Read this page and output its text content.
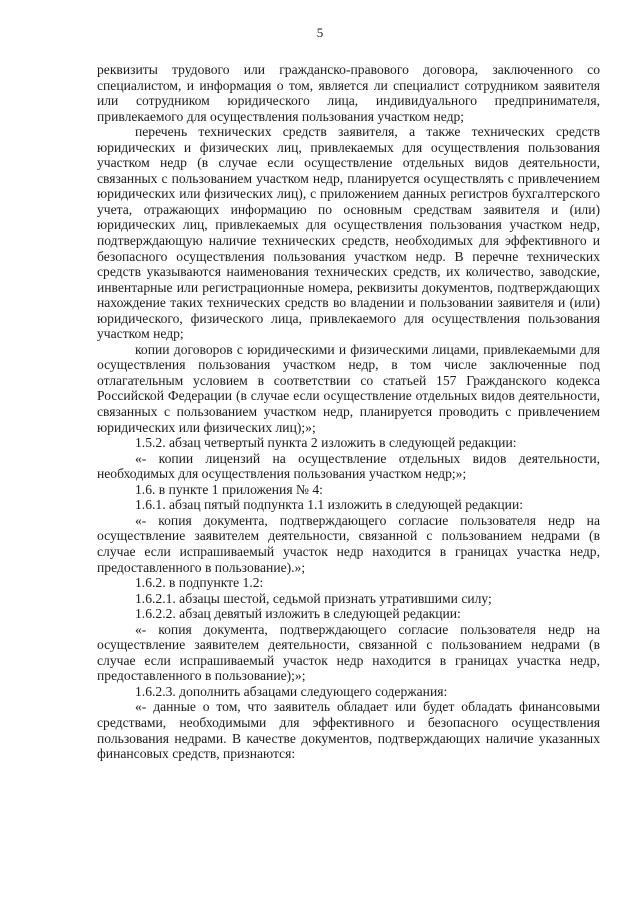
5

реквизиты трудового или гражданско-правового договора, заключенного со специалистом, и информация о том, является ли специалист сотрудником заявителя или сотрудником юридического лица, индивидуального предпринимателя, привлекаемого для осуществления пользования участком недр;

перечень технических средств заявителя, а также технических средств юридических и физических лиц, привлекаемых для осуществления пользования участком недр (в случае если осуществление отдельных видов деятельности, связанных с пользованием участком недр, планируется осуществлять с привлечением юридических или физических лиц), с приложением данных регистров бухгалтерского учета, отражающих информацию по основным средствам заявителя и (или) юридических лиц, привлекаемых для осуществления пользования участком недр, подтверждающую наличие технических средств, необходимых для эффективного и безопасного осуществления пользования участком недр. В перечне технических средств указываются наименования технических средств, их количество, заводские, инвентарные или регистрационные номера, реквизиты документов, подтверждающих нахождение таких технических средств во владении и пользовании заявителя и (или) юридического, физического лица, привлекаемого для осуществления пользования участком недр;

копии договоров с юридическими и физическими лицами, привлекаемыми для осуществления пользования участком недр, в том числе заключенные под отлагательным условием в соответствии со статьей 157 Гражданского кодекса Российской Федерации (в случае если осуществление отдельных видов деятельности, связанных с пользованием участком недр, планируется проводить с привлечением юридических или физических лиц);»;

1.5.2. абзац четвертый пункта 2 изложить в следующей редакции:

«- копии лицензий на осуществление отдельных видов деятельности, необходимых для осуществления пользования участком недр;»;

1.6. в пункте 1 приложения № 4:

1.6.1. абзац пятый подпункта 1.1 изложить в следующей редакции:

«- копия документа, подтверждающего согласие пользователя недр на осуществление заявителем деятельности, связанной с пользованием недрами (в случае если испрашиваемый участок недр находится в границах участка недр, предоставленного в пользование).»;

1.6.2. в подпункте 1.2:

1.6.2.1. абзацы шестой, седьмой признать утратившими силу;

1.6.2.2. абзац девятый изложить в следующей редакции:

«- копия документа, подтверждающего согласие пользователя недр на осуществление заявителем деятельности, связанной с пользованием недрами (в случае если испрашиваемый участок недр находится в границах участка недр, предоставленного в пользование);»;

1.6.2.3. дополнить абзацами следующего содержания:

«- данные о том, что заявитель обладает или будет обладать финансовыми средствами, необходимыми для эффективного и безопасного осуществления пользования недрами. В качестве документов, подтверждающих наличие указанных финансовых средств, признаются:
